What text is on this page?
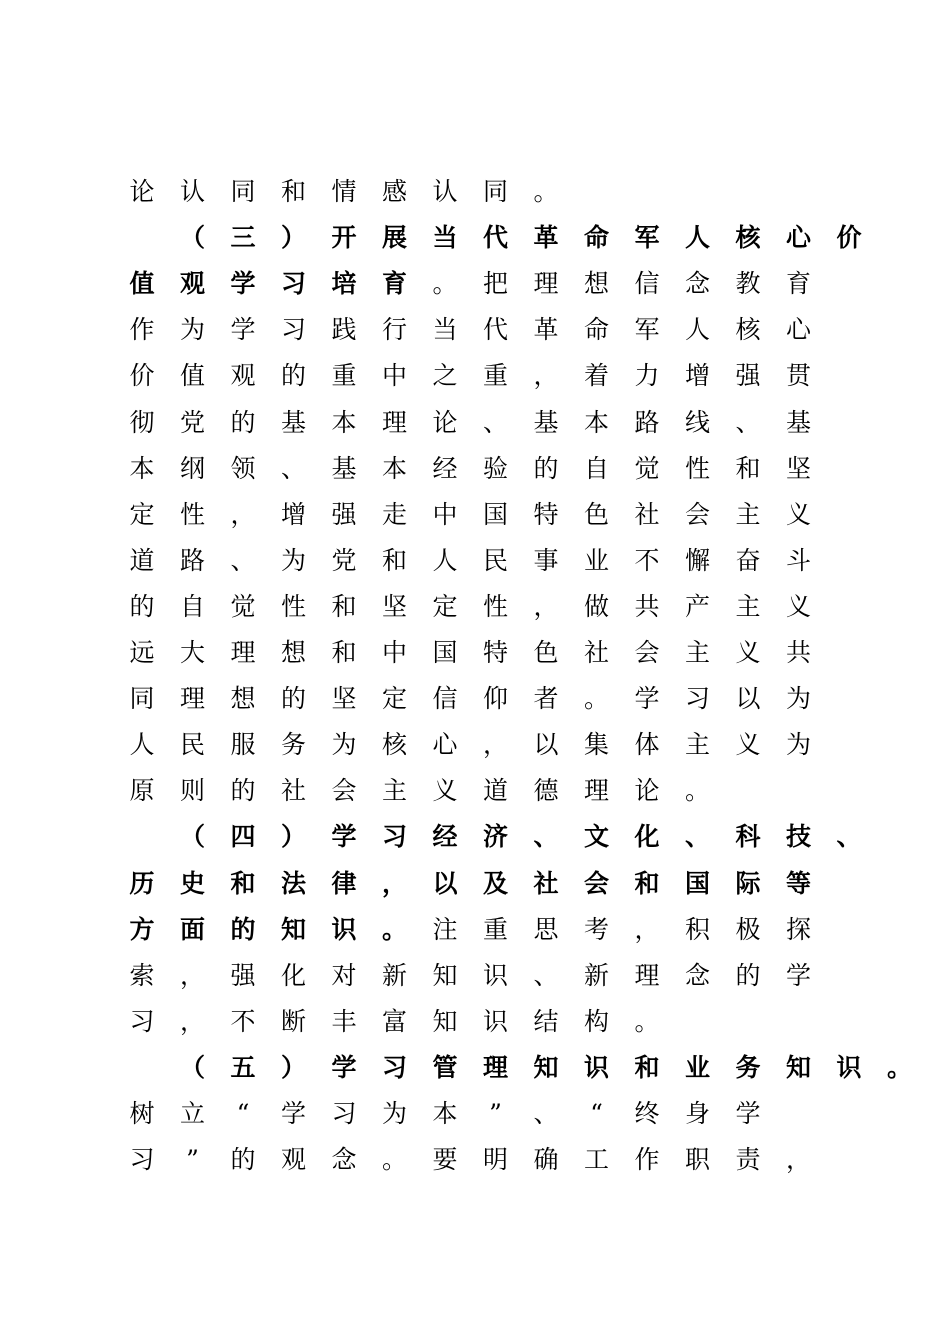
论 认 同 和 情 感 认 同 。
（ 三 ） 开 展 当 代 革 命 军 人 核 心 价
值 观 学 习 培 育 。 把 理 想 信 念 教 育
作 为 学 习 践 行 当 代 革 命 军 人 核 心
价 值 观 的 重 中 之 重 ， 着 力 增 强 贯
彻 党 的 基 本 理 论 、 基 本 路 线 、 基
本 纲 领 、 基 本 经 验 的 自 觉 性 和 坚
定 性 ， 增 强 走 中 国 特 色 社 会 主 义
道 路 、 为 党 和 人 民 事 业 不 懈 奋 斗
的 自 觉 性 和 坚 定 性 ， 做 共 产 主 义
远 大 理 想 和 中 国 特 色 社 会 主 义 共
同 理 想 的 坚 定 信 仰 者 。 学 习 以 为
人 民 服 务 为 核 心 ， 以 集 体 主 义 为
原 则 的 社 会 主 义 道 德 理 论 。
（ 四 ） 学 习 经 济 、 文 化 、 科 技 、
历 史 和 法 律 ， 以 及 社 会 和 国 际 等
方 面 的 知 识 。 注 重 思 考 ， 积 极 探
索 ， 强 化 对 新 知 识 、 新 理 念 的 学
习 ， 不 断 丰 富 知 识 结 构 。
（ 五 ） 学 习 管 理 知 识 和 业 务 知 识 。
树 立 “ 学 习 为 本 ” 、 “ 终 身 学
习 ” 的 观 念 。 要 明 确 工 作 职 责 ，
